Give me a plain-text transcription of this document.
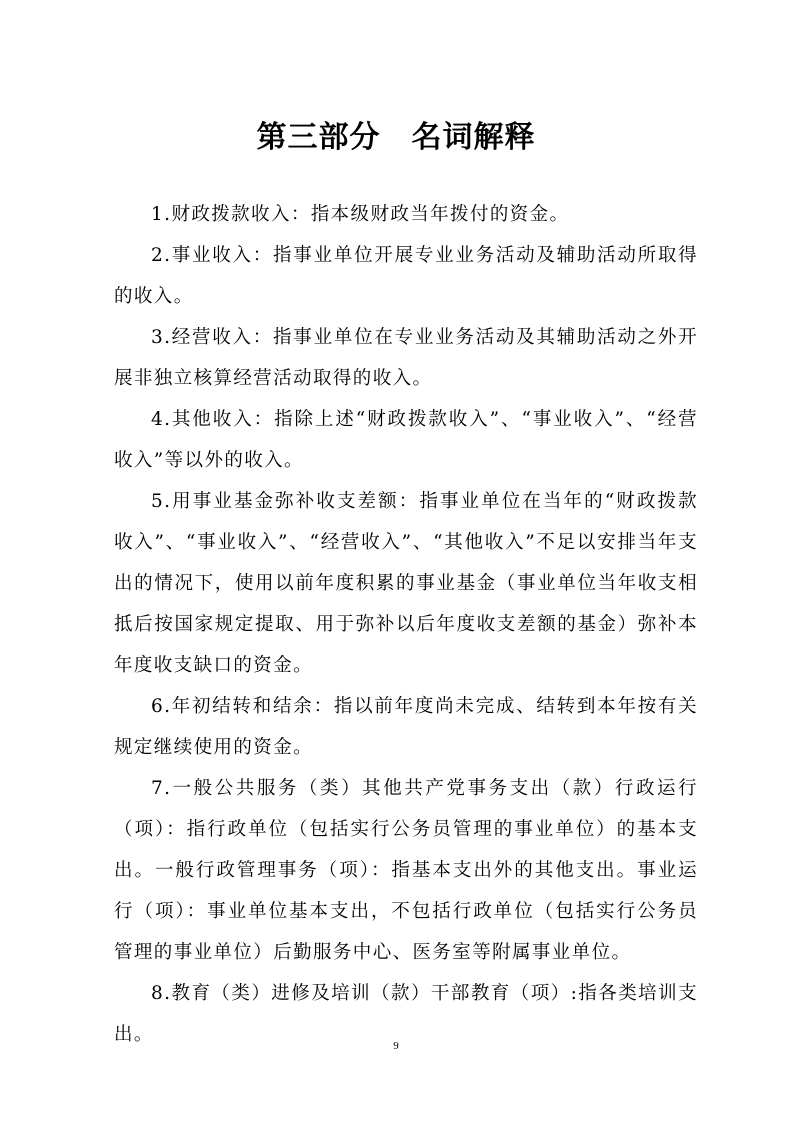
第三部分　名词解释

1.财政拨款收入：指本级财政当年拨付的资金。

2.事业收入：指事业单位开展专业业务活动及辅助活动所取得的收入。

3.经营收入：指事业单位在专业业务活动及其辅助活动之外开展非独立核算经营活动取得的收入。

4.其他收入：指除上述“财政拨款收入”、“事业收入”、“经营收入”等以外的收入。

5.用事业基金弥补收支差额：指事业单位在当年的“财政拨款收入”、“事业收入”、“经营收入”、“其他收入”不足以安排当年支出的情况下，使用以前年度积累的事业基金（事业单位当年收支相抵后按国家规定提取、用于弥补以后年度收支差额的基金）弥补本年度收支缺口的资金。

6.年初结转和结余：指以前年度尚未完成、结转到本年按有关规定继续使用的资金。

7.一般公共服务（类）其他共产党事务支出（款）行政运行（项）：指行政单位（包括实行公务员管理的事业单位）的基本支出。一般行政管理事务（项）：指基本支出外的其他支出。事业运行（项）：事业单位基本支出，不包括行政单位（包括实行公务员管理的事业单位）后勤服务中心、医务室等附属事业单位。

8.教育（类）进修及培训（款）干部教育（项）:指各类培训支出。

9
